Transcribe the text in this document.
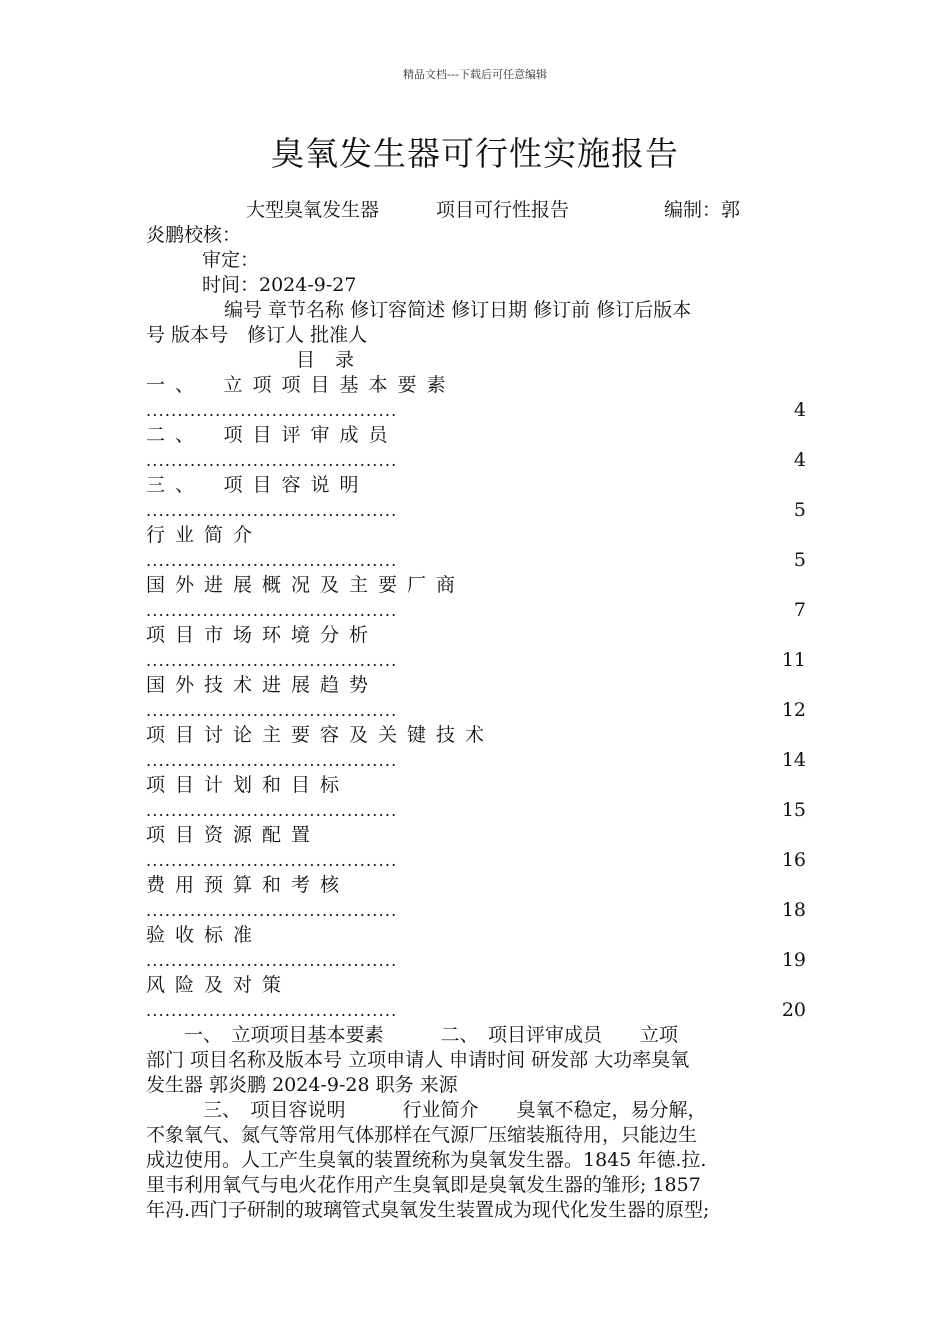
精品文档---下载后可任意编辑
臭氧发生器可行性实施报告
大型臭氧发生器　　　项目可行性报告　　　　　编制：郭
炎鹏校核：
审定：
时间：2024-9-27
编号 章节名称 修订容简述 修订日期 修订前 修订后版本
号 版本号　修订人 批准人
目 录
一、　立项项目基本要素
........................................	4
二、　项目评审成员
........................................	4
三、　项目容说明
........................................	5
行业简介
........................................	5
国外进展概况及主要厂商
........................................	7
项目市场环境分析
........................................	11
国外技术进展趋势
........................................	12
项目讨论主要容及关键技术
........................................	14
项目计划和目标
........................................	15
项目资源配置
........................................	16
费用预算和考核
........................................	18
验收标准
........................................	19
风险及对策
........................................	20
　　一、　立项项目基本要素　　　二、　项目评审成员　　立项
部门 项目名称及版本号 立项申请人 申请时间 研发部 大功率臭氧
发生器 郭炎鹏 2024-9-28 职务 来源
　　　三、　项目容说明　　　行业简介　　臭氧不稳定，易分解，
不象氧气、氮气等常用气体那样在气源厂压缩装瓶待用，只能边生
成边使用。人工产生臭氧的装置统称为臭氧发生器。1845 年德.拉.
里韦利用氧气与电火花作用产生臭氧即是臭氧发生器的雏形; 1857
年冯.西门子研制的玻璃管式臭氧发生装置成为现代化发生器的原型;
